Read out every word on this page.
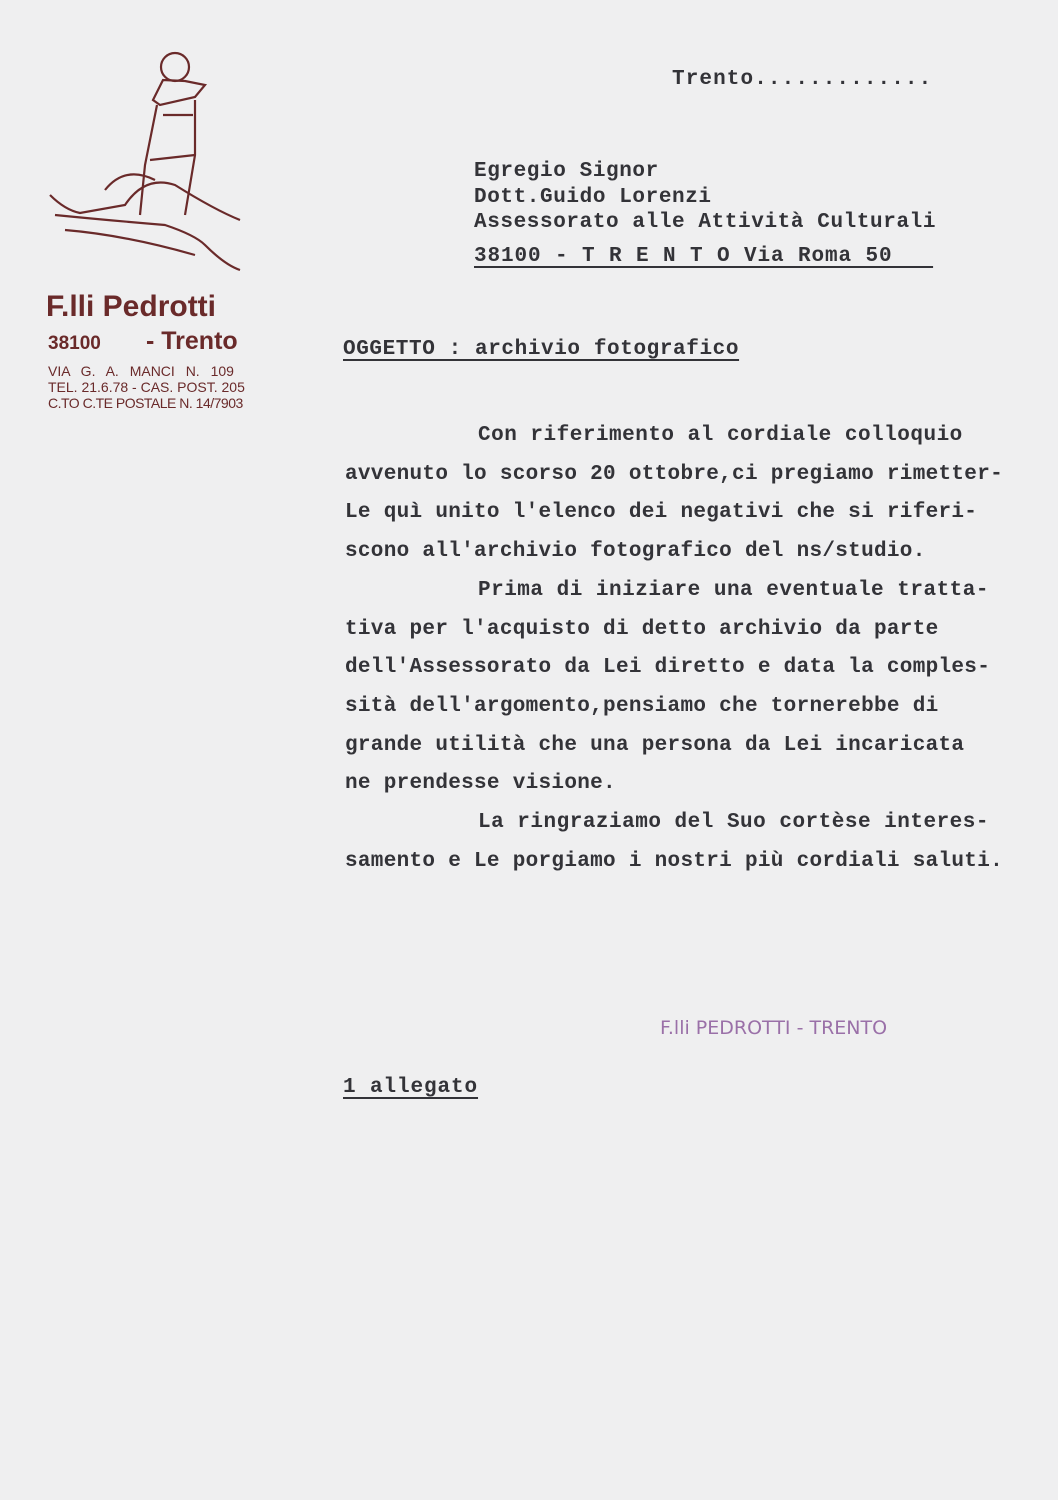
F.lli Pedrotti
38100 - Trento
VIA G. A. MANCI N. 109
TEL. 21.6.78 - CAS. POST. 205
C.TO C.TE POSTALE N. 14/7903
Trento.............
Egregio Signor
Dott.Guido Lorenzi
Assessorato alle Attività Culturali
38100 - T R E N T O Via Roma 50
OGGETTO : archivio fotografico
Con riferimento al cordiale colloquio
avvenuto lo scorso 20 ottobre,ci pregiamo rimetter-
Le quì unito l'elenco dei negativi che si riferi-
scono all'archivio fotografico del ns/studio.
Prima di iniziare una eventuale tratta-
tiva per l'acquisto di detto archivio da parte
dell'Assessorato da Lei diretto e data la comples-
sità dell'argomento,pensiamo che tornerebbe di
grande utilità che una persona da Lei incaricata
ne prendesse visione.
La ringraziamo del Suo cortèse interes-
samento e Le porgiamo i nostri più cordiali saluti.
F.lli PEDROTTI - TRENTO
1 allegato
